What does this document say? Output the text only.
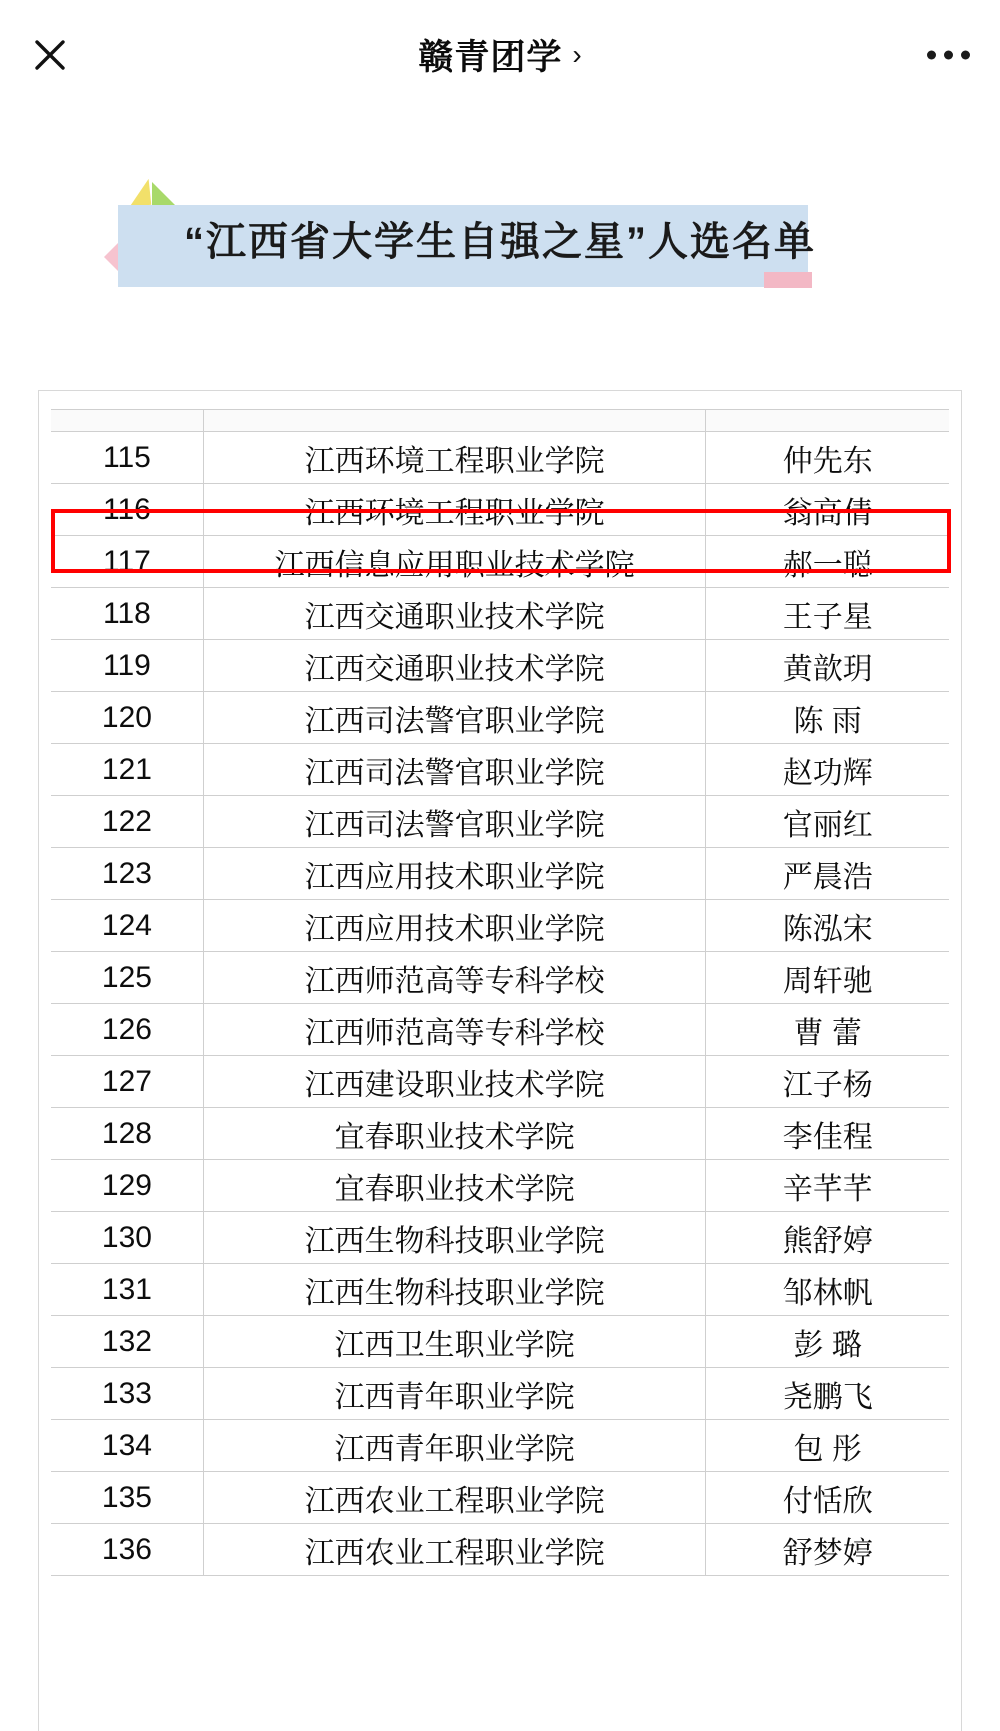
赣青团学 ›
“江西省大学生自强之星”人选名单

115	江西环境工程职业学院	仲先东
116	江西环境工程职业学院	翁高倩
117	江西信息应用职业技术学院	郝一聪
118	江西交通职业技术学院	王子星
119	江西交通职业技术学院	黄歆玥
120	江西司法警官职业学院	陈 雨
121	江西司法警官职业学院	赵功辉
122	江西司法警官职业学院	官丽红
123	江西应用技术职业学院	严晨浩
124	江西应用技术职业学院	陈泓宋
125	江西师范高等专科学校	周轩驰
126	江西师范高等专科学校	曹 蕾
127	江西建设职业技术学院	江子杨
128	宜春职业技术学院	李佳程
129	宜春职业技术学院	辛芊芊
130	江西生物科技职业学院	熊舒婷
131	江西生物科技职业学院	邹林帆
132	江西卫生职业学院	彭 璐
133	江西青年职业学院	尧鹏飞
134	江西青年职业学院	包 彤
135	江西农业工程职业学院	付恬欣
136	江西农业工程职业学院	舒梦婷
